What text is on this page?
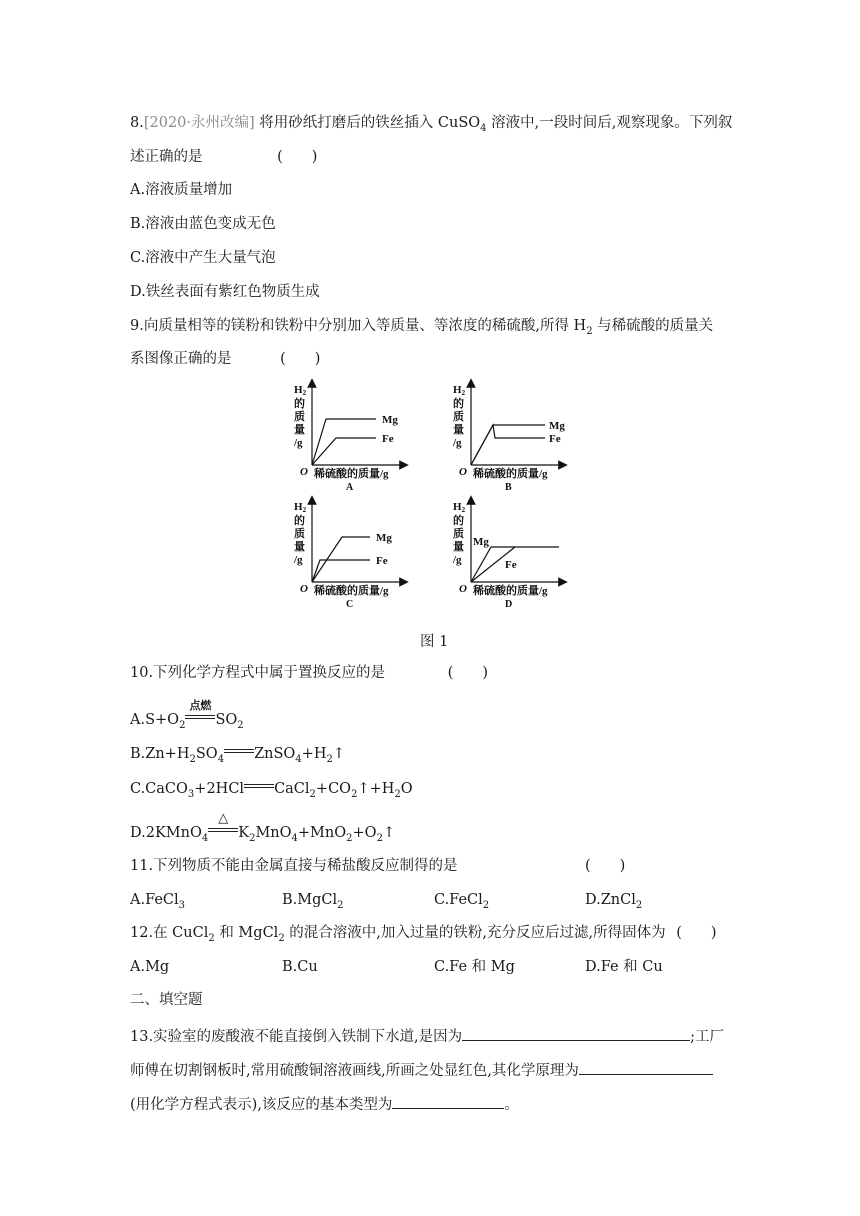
8.[2020·永州改编] 将用砂纸打磨后的铁丝插入 CuSO$_4$ 溶液中,一段时间后,观察现象。下列叙
述正确的是	(　　)
A.溶液质量增加
B.溶液由蓝色变成无色
C.溶液中产生大量气泡
D.铁丝表面有紫红色物质生成
9.向质量相等的镁粉和铁粉中分别加入等质量、等浓度的稀硫酸,所得 $H_2$ 与稀硫酸的质量关
系图像正确的是	(　　)
H2
的
质
量
/g
O 稀硫酸的质量/g
A
Mg
Fe
H2
的
质
量
/g
O 稀硫酸的质量/g
B
Mg
Fe
H2
的
质
量
/g
O 稀硫酸的质量/g
C
Mg
Fe
H2
的
质
量
/g
O 稀硫酸的质量/g
D
Mg
Fe
图 1
10.下列化学方程式中属于置换反应的是	(　　)
$A.S+O_2$
点燃
$SO_2$
$B.Zn+H_2SO_4$ $ZnSO_4+H_2↑$
C.CaCO$_3$+2HCl $CaCl_2+CO_2↑+H_2O$
D.2KMnO$_4$
△
$K_2MnO_4+MnO_2+O_2↑$
11.下列物质不能由金属直接与稀盐酸反应制得的是	(　　)
A.FeCl$_3$	B.MgCl$_2$	C.FeCl$_2$	D.ZnCl$_2$
12.在 CuCl$_2$ 和 MgCl$_2$ 的混合溶液中,加入过量的铁粉,充分反应后过滤,所得固体为 (　　)
A.Mg	B.Cu	C.Fe 和 Mg	D.Fe 和 Cu
二、填空题
13.实验室的废酸液不能直接倒入铁制下水道,是因为	;工厂
师傅在切割钢板时,常用硫酸铜溶液画线,所画之处显红色,其化学原理为
(用化学方程式表示),该反应的基本类型为	。
